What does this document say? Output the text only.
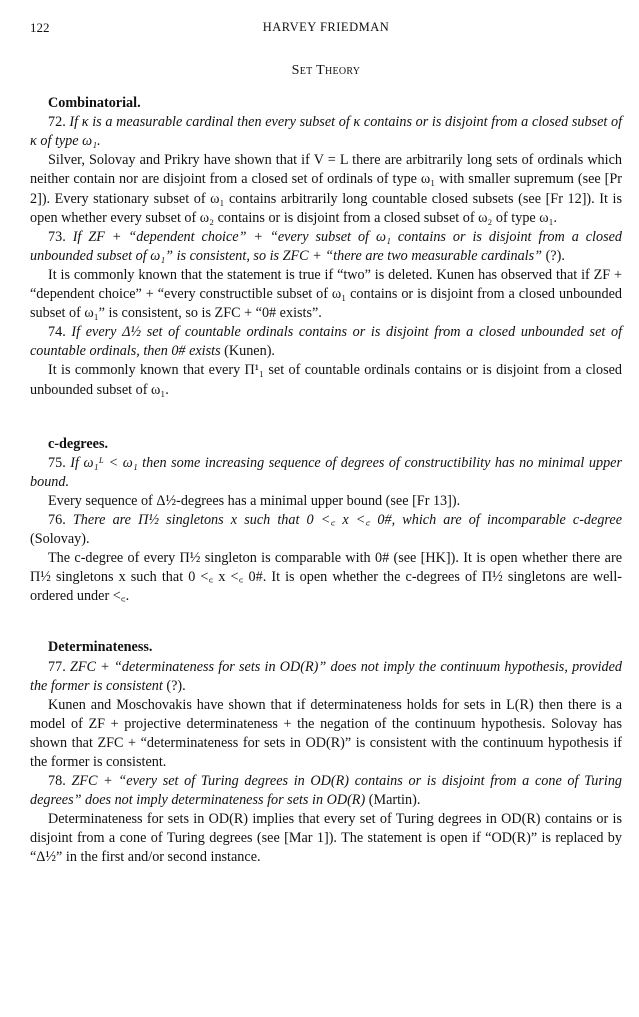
122	HARVEY FRIEDMAN
Set Theory
Combinatorial.

72. If κ is a measurable cardinal then every subset of κ contains or is disjoint from a closed subset of κ of type ω₁.

Silver, Solovay and Prikry have shown that if V = L there are arbitrarily long sets of ordinals which neither contain nor are disjoint from a closed set of ordinals of type ω₁ with smaller supremum (see [Pr 2]). Every stationary subset of ω₁ contains arbitrarily long countable closed subsets (see [Fr 12]). It is open whether every subset of ω₂ contains or is disjoint from a closed subset of ω₂ of type ω₁.

73. If ZF + “dependent choice” + “every subset of ω₁ contains or is disjoint from a closed unbounded subset of ω₁” is consistent, so is ZFC + “there are two measurable cardinals” (?).

It is commonly known that the statement is true if “two” is deleted. Kunen has observed that if ZF + “dependent choice” + “every constructible subset of ω₁ contains or is disjoint from a closed unbounded subset of ω₁” is consistent, so is ZFC + “0# exists”.

74. If every Δ½ set of countable ordinals contains or is disjoint from a closed unbounded set of countable ordinals, then 0# exists (Kunen).

It is commonly known that every Π¹₁ set of countable ordinals contains or is disjoint from a closed unbounded subset of ω₁.

c-degrees.

75. If ω₁ᴸ < ω₁ then some increasing sequence of degrees of constructibility has no minimal upper bound.

Every sequence of Δ½-degrees has a minimal upper bound (see [Fr 13]).

76. There are Π½ singletons x such that 0 <꜀ x <꜀ 0#, which are of incomparable c-degree (Solovay).

The c-degree of every Π½ singleton is comparable with 0# (see [HK]). It is open whether there are Π½ singletons x such that 0 <꜀ x <꜀ 0#. It is open whether the c-degrees of Π½ singletons are well-ordered under <꜀.

Determinateness.

77. ZFC + “determinateness for sets in OD(R)” does not imply the continuum hypothesis, provided the former is consistent (?).

Kunen and Moschovakis have shown that if determinateness holds for sets in L(R) then there is a model of ZF + projective determinateness + the negation of the continuum hypothesis. Solovay has shown that ZFC + “determinateness for sets in OD(R)” is consistent with the continuum hypothesis if the former is consistent.

78. ZFC + “every set of Turing degrees in OD(R) contains or is disjoint from a cone of Turing degrees” does not imply determinateness for sets in OD(R) (Martin).

Determinateness for sets in OD(R) implies that every set of Turing degrees in OD(R) contains or is disjoint from a cone of Turing degrees (see [Mar 1]). The statement is open if “OD(R)” is replaced by “Δ½” in the first and/or second instance.
